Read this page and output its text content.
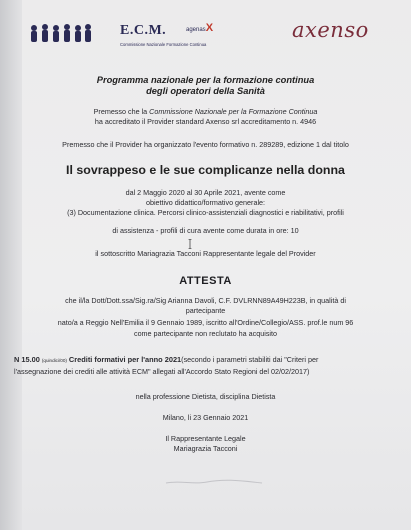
E.C.M.
Commissione Nazionale Formazione Continua
agenasX	axenso
Programma nazionale per la formazione continua
degli operatori della Sanità
Premesso che la Commissione Nazionale per la Formazione Continua
ha accreditato il Provider standard Axenso srl accreditamento n. 4946
Premesso che il Provider ha organizzato l'evento formativo n. 289289, edizione 1 dal titolo
Il sovrappeso e le sue complicanze nella donna
dal 2 Maggio 2020 al 30 Aprile 2021, avente come
obiettivo didattico/formativo generale:
(3) Documentazione clinica. Percorsi clinico-assistenziali diagnostici e riabilitativi, profili
di assistenza - profili di cura avente come durata in ore: 10
il sottoscritto Mariagrazia Tacconi Rappresentante legale del Provider
ATTESTA
che il/la Dott/Dott.ssa/Sig.ra/Sig Arianna Davoli, C.F. DVLRNN89A49H223B, in qualità di
partecipante
nato/a a Reggio Nell'Emilia il 9 Gennaio 1989, iscritto all'Ordine/Collegio/ASS. prof.le num 96
come partecipante non reclutato ha acquisito
N 15.00 (quindici/00) Crediti formativi per l'anno 2021(secondo i parametri stabiliti dai "Criteri per
l'assegnazione dei crediti alle attività ECM" allegati all'Accordo Stato Regioni del 02/02/2017)
nella professione Dietista, disciplina Dietista
Milano, li 23 Gennaio 2021
Il Rappresentante Legale
Mariagrazia Tacconi
